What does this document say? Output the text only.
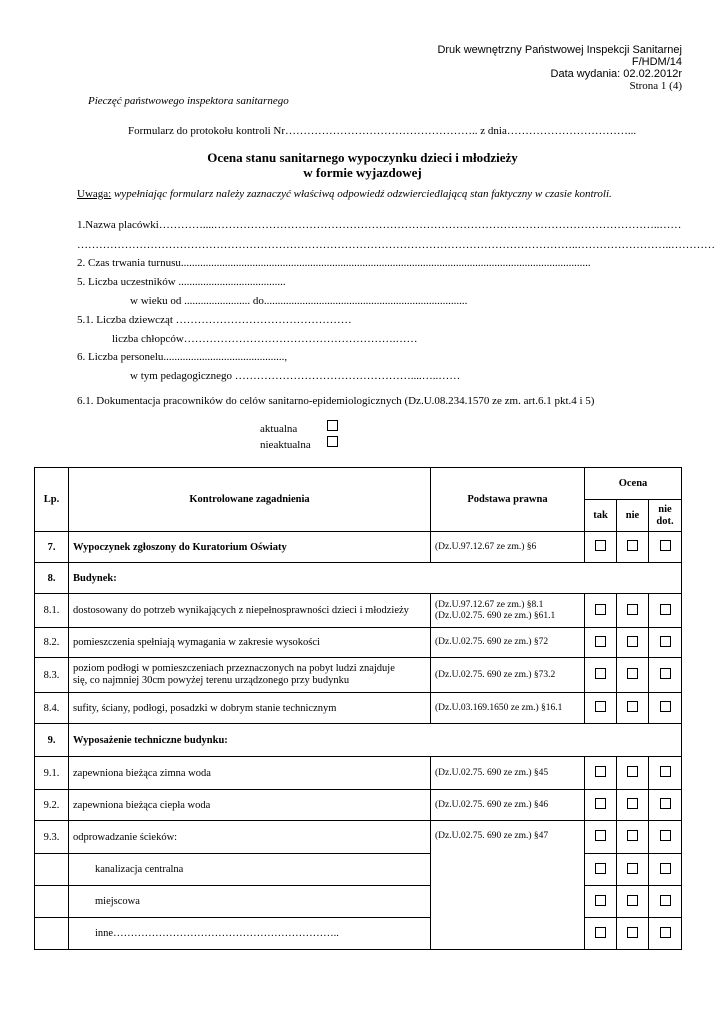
Druk wewnętrzny Państwowej Inspekcji Sanitarnej
F/HDM/14
Data wydania: 02.02.2012r
Strona 1 (4)
Pieczęć państwowego inspektora sanitarnego
Formularz do protokołu kontroli Nr…………………………………………….. z dnia……………………………...
Ocena stanu sanitarnego wypoczynku dzieci i młodzieży
w formie wyjazdowej
Uwaga: wypełniając formularz należy zaznaczyć właściwą odpowiedź odzwierciedlającą stan faktyczny w czasie kontroli.
1.Nazwa placówki…………....…………………………………………………………………………………………………………..……
………………………………………………………………………………………………………………………..……………………..…………
2. Czas trwania turnusu.....................................................................................................................................................
5. Liczba uczestników .......................................
w wieku od ........................ do..........................................................................
5.1. Liczba dziewcząt …………………………………………
liczba chłopców………………………………………………….……
6. Liczba personelu............................................,
w tym pedagogicznego …………………………………………....…..……
6.1. Dokumentacja pracowników do celów sanitarno-epidemiologicznych (Dz.U.08.234.1570 ze zm. art.6.1 pkt.4 i 5)
aktualna
nieaktualna
Lp.	Kontrolowane zagadnienia	Podstawa prawna	Ocena		
			tak	nie	nie dot.
7.	Wypoczynek zgłoszony do Kuratorium Oświaty	(Dz.U.97.12.67 ze zm.) §6			
8.	Budynek:				
8.1.	dostosowany do potrzeb wynikających z niepełnosprawności dzieci i młodzieży	(Dz.U.97.12.67 ze zm.) §8.1
(Dz.U.02.75. 690 ze zm.) §61.1			

8.2.	pomieszczenia spełniają wymagania w zakresie wysokości	(Dz.U.02.75. 690 ze zm.) §72			
8.3.	poziom podłogi w pomieszczeniach przeznaczonych na pobyt ludzi znajduje
się, co najmniej 30cm powyżej terenu urządzonego przy budynku	(Dz.U.02.75. 690 ze zm.) §73.2			
8.4.	sufity, ściany, podłogi, posadzki w dobrym stanie technicznym	(Dz.U.03.169.1650 ze zm.) §16.1			
9.	Wyposażenie techniczne budynku:				
9.1.	zapewniona bieżąca zimna woda	(Dz.U.02.75. 690 ze zm.) §45			
9.2.	zapewniona bieżąca ciepła woda	(Dz.U.02.75. 690 ze zm.) §46			
9.3.	odprowadzanie ścieków:	(Dz.U.02.75. 690 ze zm.) §47			
	kanalizacja centralna				
	miejscowa				
	inne………………………………………………………..				
